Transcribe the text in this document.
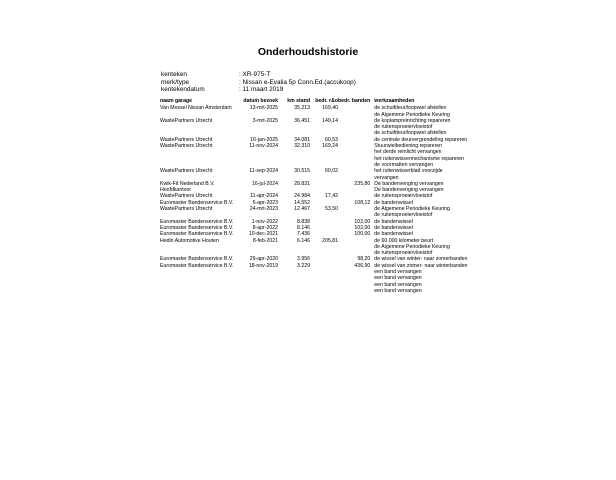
Onderhoudshistorie
kenteken	: XR-975-T
merk/type	: Nissan e-Evalia 5p Conn.Ed.(accukoop)
kentekendatum	: 11 maart 2019
naam garage	datum bezoek	km stand	bedr. r&o	bedr. banden	werkzaamheden
Van Mossel Nissan Amsterdam	13-mrt-2025	35.213	169,40		de schuifdeur/loopwiel afstellen
					de Algemene Periodieke Keuring
WastePartners Utrecht	3-mrt-2025	36.451	149,14		de koplampreinrichting repareren
					de ruitensproeiervloeistof
					de schuifdeur/loopwiel afstellen
WastePartners Utrecht	16-jan-2025	34.081	60,53		de centrale deurvergrendeling repareren
WastePartners Utrecht	11-nov-2024	32.310	169,24		Stuurwielbediening repareren
					het derde remlicht vervangen
					het ruitenwissermechanisme repareren
					de voormatten vervangen
WastePartners Utrecht	11-sep-2024	30.515	60,02		het ruitenwisserblad voorzijde
					vervangen
Kwik-Fit Nederland B.V.	16-jul-2024	28.831		235,80	De bandenvenging vervangen
Hoofdkantoor					De bandenvenging vervangen
WastePartners Utrecht	11-apr-2024	24.984	17,42		de ruitensproeiervloeistof
Euromaster Bandenservice B.V.	6-apr-2023	14.552		108,12	de bandenwissel
WastePartners Utrecht	24-mrt-2023	12.467	53,50		de Algemene Periodieke Keuring
					de ruitensproeiervloeistof
Euromaster Bandenservice B.V.	1-nov-2022	8.838		102,00	de bandenwissel
Euromaster Bandenservice B.V.	8-apr-2022	8.146		102,00	de bandenwissel
Euromaster Bandenservice B.V.	10-dec-2021	7.436		100,00	de bandenwissel
Hedin Automotive Houten	8-feb-2021	6.146	205,81		de 60.000 kilometer beurt
					de Algemene Periodieke Keuring
					de ruitensproeiervloeistof
Euromaster Bandenservice B.V.	29-apr-2020	3.956		98,20	de wissel van winter- naar zomerbanden
Euromaster Bandenservice B.V.	18-nov-2019	3.229		436,90	de wissel van zomer- naar winterbanden
					een band vervangen
					een band vervangen
					een band vervangen
					een band vervangen
